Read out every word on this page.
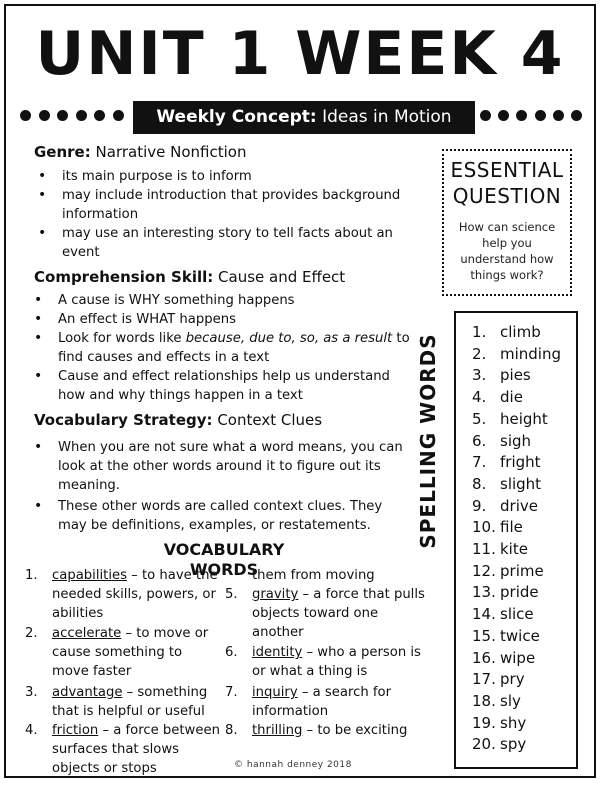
UNIT 1 WEEK 4
Weekly Concept: Ideas in Motion
Genre: Narrative Nonfiction
• its main purpose is to inform
• may include introduction that provides background information
• may use an interesting story to tell facts about an event
Comprehension Skill: Cause and Effect
• A cause is WHY something happens
• An effect is WHAT happens
• Look for words like because, due to, so, as a result to find causes and effects in a text
• Cause and effect relationships help us understand how and why things happen in a text
Vocabulary Strategy: Context Clues
• When you are not sure what a word means, you can look at the other words around it to figure out its meaning.
• These other words are called context clues. They may be definitions, examples, or restatements.
ESSENTIAL
QUESTION
How can science help you understand how things work?
SPELLING WORDS
1. climb
2. minding
3. pies
4. die
5. height
6. sigh
7. fright
8. slight
9. drive
10. file
11. kite
12. prime
13. pride
14. slice
15. twice
16. wipe
17. pry
18. sly
19. shy
20. spy
VOCABULARY WORDS
1. capabilities – to have the needed skills, powers, or abilities
2. accelerate – to move or cause something to move faster
3. advantage – something that is helpful or useful
4. friction – a force between surfaces that slows objects or stops
them from moving
5. gravity – a force that pulls objects toward one another
6. identity – who a person is or what a thing is
7. inquiry – a search for information
8. thrilling – to be exciting
© hannah denney 2018
